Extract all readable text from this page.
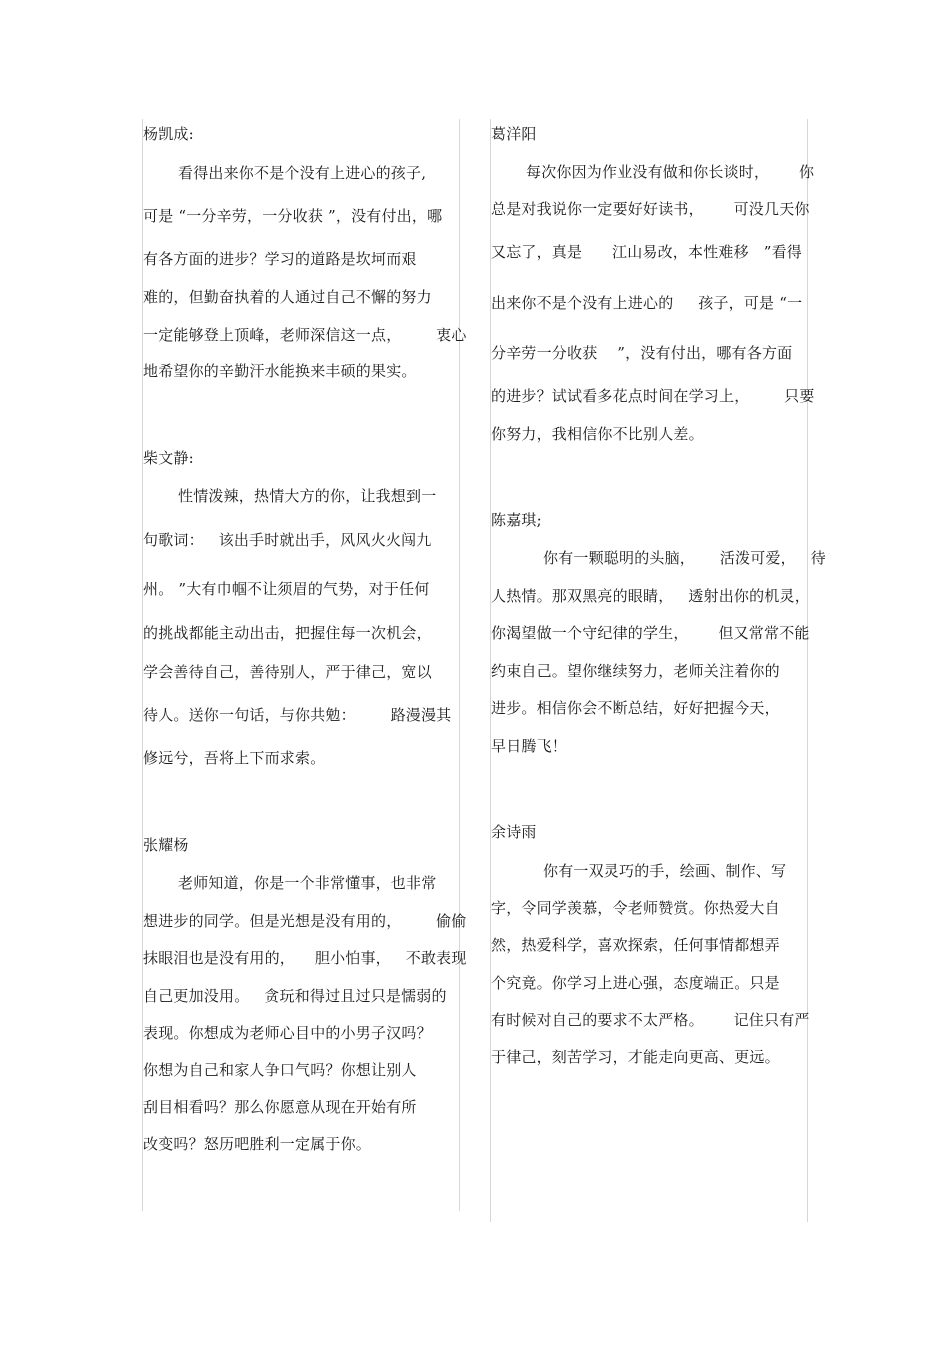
杨凯成:
看得出来你不是个没有上进心的孩子,
可是 “一分辛劳，一分收获 ”，没有付出，哪
有各方面的进步？学习的道路是坎坷而艰
难的，但勤奋执着的人通过自己不懈的努力
一定能够登上顶峰，老师深信这一点，       衷心
地希望你的辛勤汗水能换来丰硕的果实。
柴文静:
性情泼辣，热情大方的你，让我想到一
句歌词：   该出手时就出手，风风火火闯九
州。 ”大有巾帼不让须眉的气势，对于任何
的挑战都能主动出击，把握住每一次机会，
学会善待自己，善待别人，严于律己，宽以
待人。送你一句话，与你共勉：       路漫漫其
修远兮，吾将上下而求索。
张耀杨
老师知道，你是一个非常懂事，也非常
想进步的同学。但是光想是没有用的，       偷偷
抹眼泪也是没有用的，    胆小怕事，   不敢表现
自己更加没用。   贪玩和得过且过只是懦弱的
表现。你想成为老师心目中的小男子汉吗？
你想为自己和家人争口气吗？你想让别人
刮目相看吗？那么你愿意从现在开始有所
改变吗？怒历吧胜利一定属于你。
葛洋阳
每次你因为作业没有做和你长谈时，      你
总是对我说你一定要好好读书，      可没几天你
又忘了，真是      江山易改，本性难移   ”看得
出来你不是个没有上进心的     孩子，可是 “一
分辛劳一分收获    ”，没有付出，哪有各方面
的进步？试试看多花点时间在学习上，       只要
你努力，我相信你不比别人差。
陈嘉琪;
你有一颗聪明的头脑，     活泼可爱，   待
人热情。那双黑亮的眼睛，   透射出你的机灵，
你渴望做一个守纪律的学生，      但又常常不能
约束自己。望你继续努力，老师关注着你的
进步。相信你会不断总结，好好把握今天，
早日腾飞！
余诗雨
你有一双灵巧的手，绘画、制作、写
字，令同学羡慕，令老师赞赏。你热爱大自
然，热爱科学，喜欢探索，任何事情都想弄
个究竟。你学习上进心强，态度端正。只是
有时候对自己的要求不太严格。      记住只有严
于律己，刻苦学习，才能走向更高、更远。
